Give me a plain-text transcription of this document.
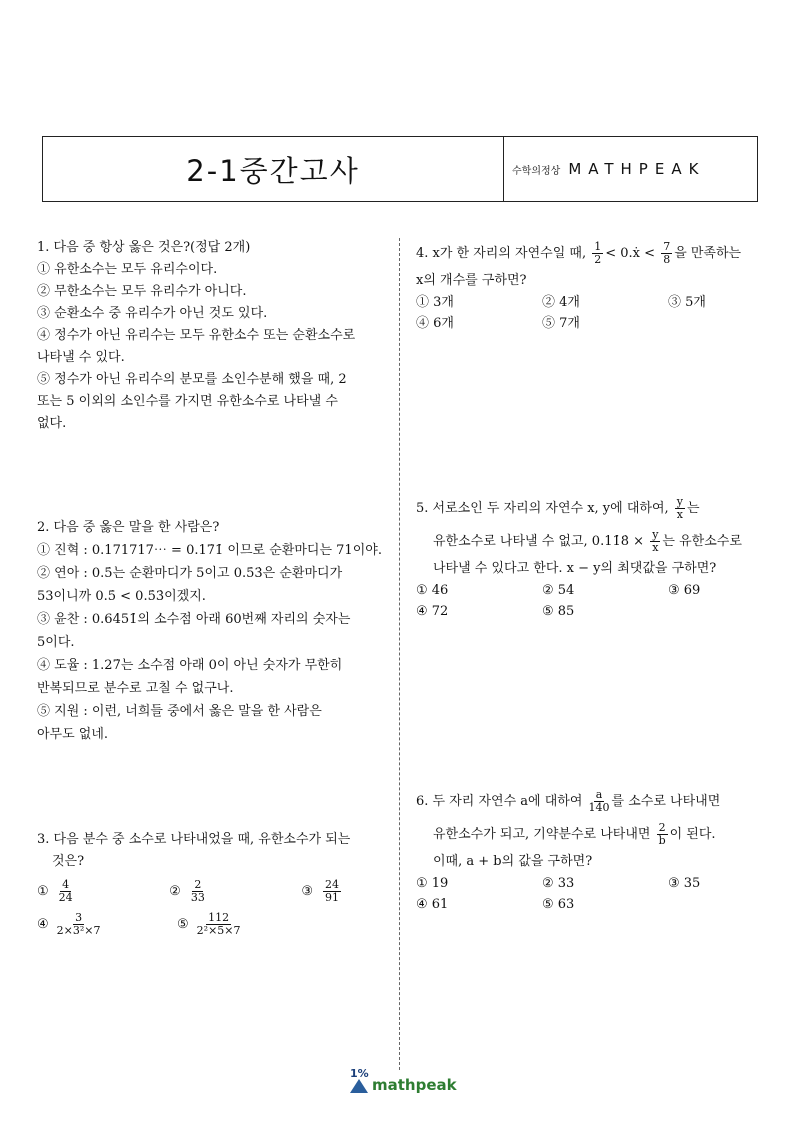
2-1중간고사	수학의정상 MATHPEAK
1. 다음 중 항상 옳은 것은?(정답 2개)
① 유한소수는 모두 유리수이다.
② 무한소수는 모두 유리수가 아니다.
③ 순환소수 중 유리수가 아닌 것도 있다.
④ 정수가 아닌 유리수는 모두 유한소수 또는 순환소수로
나타낼 수 있다.
⑤ 정수가 아닌 유리수의 분모를 소인수분해 했을 때, 2
또는 5 이외의 소인수를 가지면 유한소수로 나타낼 수
없다.
2. 다음 중 옳은 말을 한 사람은?
① 진혁 : 0.171717⋯ = 0.17̇1̇ 이므로 순환마디는 71이야.
② 연아 : 0.5̇는 순환마디가 5이고 0.5̇3̇은 순환마디가
53이니까 0.5̇ < 0.5̇3̇이겠지.
③ 윤찬 : 0.64̇51̇의 소수점 아래 60번째 자리의 숫자는
5이다.
④ 도율 : 1.27̇는 소수점 아래 0이 아닌 숫자가 무한히
반복되므로 분수로 고칠 수 없구나.
⑤ 지원 : 이런, 너희들 중에서 옳은 말을 한 사람은
아무도 없네.
3. 다음 분수 중 소수로 나타내었을 때, 유한소수가 되는
것은?
① $\frac{4}{24}$	② $\frac{2}{33}$	③ $\frac{24}{91}$
④ $\frac{3}{\text{2×3²×7}}$	⑤ $\frac{112}{\text{2²×5×7}}$
4. x가 한 자리의 자연수일 때, $\frac{1}{2}$ < 0.ẋ < $\frac{7}{8}$ 을 만족하는
x의 개수를 구하면?
① 3개	② 4개	③ 5개
④ 6개	⑤ 7개
5. 서로소인 두 자리의 자연수 x, y에 대하여, $\frac{y}{x}$ 는
유한소수로 나타낼 수 없고, 0.11̇8̇ × $\frac{y}{x}$ 는 유한소수로
나타낼 수 있다고 한다. x − y의 최댓값을 구하면?
① 46	② 54	③ 69
④ 72	⑤ 85
6. 두 자리 자연수 a에 대하여 $\frac{a}{140}$ 를 소수로 나타내면
유한소수가 되고, 기약분수로 나타내면 $\frac{2}{b}$ 이 된다.
이때, a + b의 값을 구하면?
① 19	② 33	③ 35
④ 61	⑤ 63
1%
mathpeak
